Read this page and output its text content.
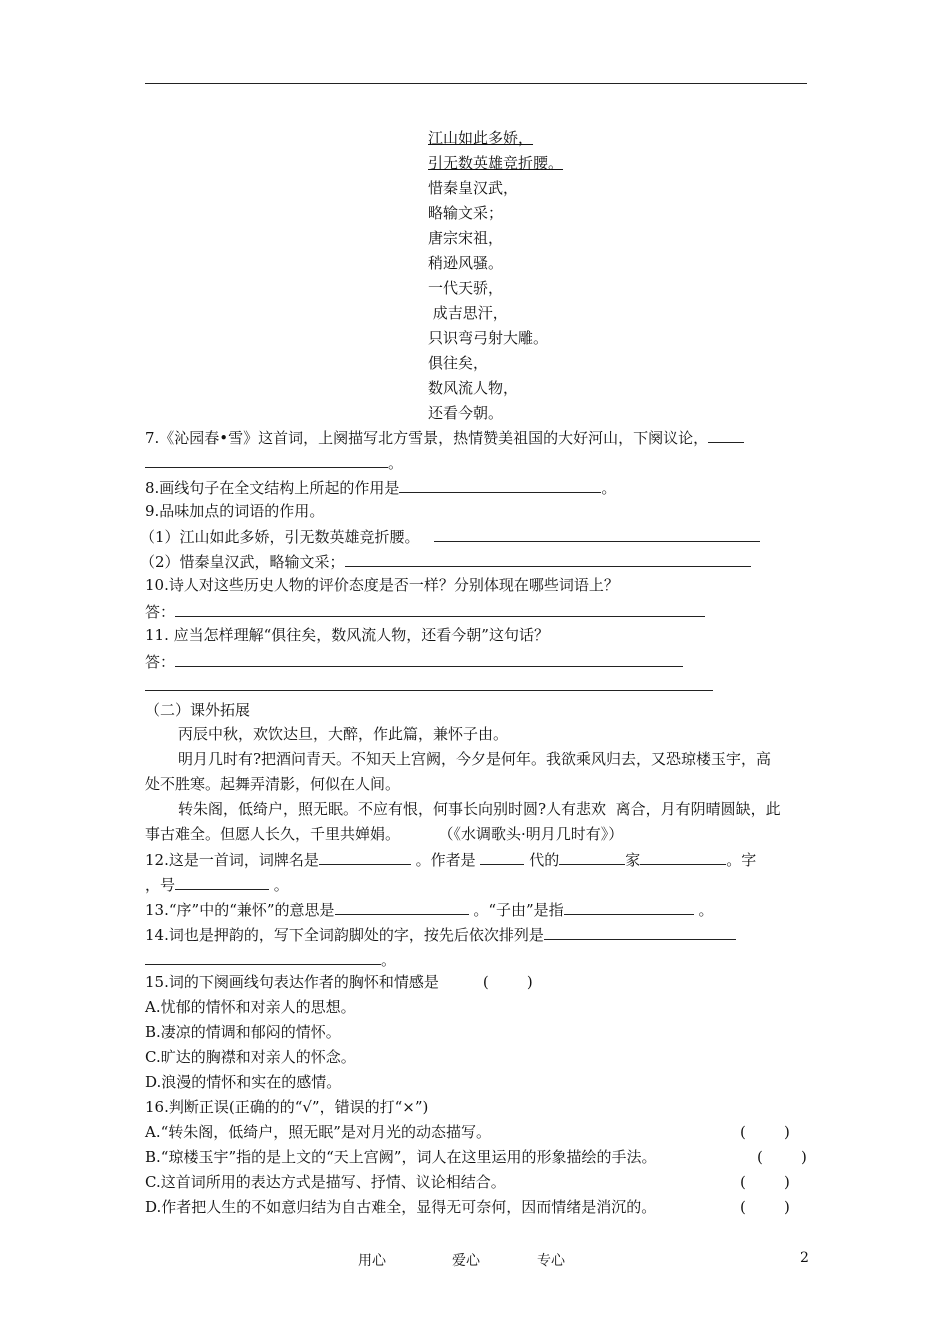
江山如此多娇，
引无数英雄竞折腰。
惜秦皇汉武，
略输文采；
唐宗宋祖，
稍逊风骚。
一代天骄，
成吉思汗，
只识弯弓射大雕。
俱往矣，
数风流人物，
还看今朝。
7.《沁园春•雪》这首词，上阕描写北方雪景，热情赞美祖国的大好河山，下阕议论，
。
8.画线句子在全文结构上所起的作用是	。
9.品味加点的词语的作用。
（1）江山如此多娇，引无数英雄竞折腰。
（2）惜秦皇汉武，略输文采；
10.诗人对这些历史人物的评价态度是否一样？分别体现在哪些词语上？
答：
11. 应当怎样理解“俱往矣，数风流人物，还看今朝”这句话？
答：
（二）课外拓展
丙辰中秋，欢饮达旦，大醉，作此篇，兼怀子由。
明月几时有?把酒问青天。不知天上宫阙，今夕是何年。我欲乘风归去，又恐琼楼玉宇，高
处不胜寒。起舞弄清影，何似在人间。
转朱阁，低绮户，照无眠。不应有恨，何事长向别时圆?人有悲欢  离合，月有阴晴圆缺，此
事古难全。但愿人长久，千里共婵娟。	（《水调歌头·明月几时有》）
12.这是一首词，词牌名是	。作者是	代的	家	。字
，号	。
13.“序”中的“兼怀”的意思是	。“子由”是指	。
14.词也是押韵的，写下全词韵脚处的字，按先后依次排列是
。
15.词的下阕画线句表达作者的胸怀和情感是	(        )
A.忧郁的情怀和对亲人的思想。
B.凄凉的情调和郁闷的情怀。
C.旷达的胸襟和对亲人的怀念。
D.浪漫的情怀和实在的感情。
16.判断正误(正确的的“√”，错误的打“×”)
A.“转朱阁，低绮户，照无眠”是对月光的动态描写。	(        )
B.“琼楼玉宇”指的是上文的“天上宫阙”，词人在这里运用的形象描绘的手法。	(        )
C.这首词所用的表达方式是描写、抒情、议论相结合。	(        )
D.作者把人生的不如意归结为自古难全，显得无可奈何，因而情绪是消沉的。	(        )
用心	爱心	专心	2
